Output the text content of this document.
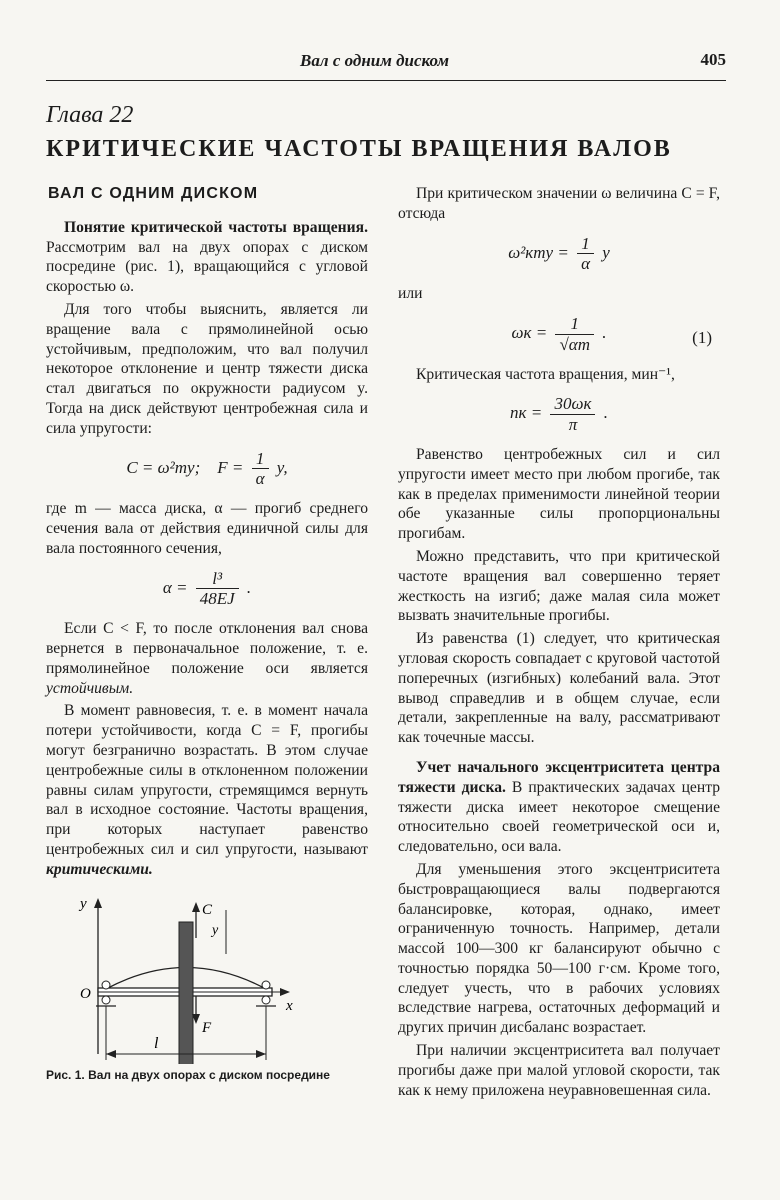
Вал с одним диском	405
Глава 22
КРИТИЧЕСКИЕ ЧАСТОТЫ ВРАЩЕНИЯ ВАЛОВ
ВАЛ С ОДНИМ ДИСКОМ

Понятие критической частоты вращения. Рассмотрим вал на двух опорах с диском посредине (рис. 1), вращающийся с угловой скоростью ω.

Для того чтобы выяснить, является ли вращение вала с прямолинейной осью устойчивым, предположим, что вал получил некоторое отклонение и центр тяжести диска стал двигаться по окружности радиусом y. Тогда на диск действуют центробежная сила и сила упругости:

C = ω²my; $F = \frac{1}{\alpha} y$,

где m — масса диска, α — прогиб среднего сечения вала от действия единичной силы для вала постоянного сечения,

$\alpha = \frac{\text{l³}}{48EJ}$ .

Если C < F, то после отклонения вал снова вернется в первоначальное положение, т. е. прямолинейное положение оси является устойчивым.

В момент равновесия, т. е. в момент начала потери устойчивости, когда C = F, прогибы могут безгранично возрастать. В этом случае центробежные силы в отклоненном положении равны силам упругости, стремящимся вернуть вал в исходное состояние. Частоты вращения, при которых наступает равенство центробежных сил и сил упругости, называют критическими.

y
x
O
C
F
y
l
Рис. 1. Вал на двух опорах с диском посредине

При критическом значении ω величина C = F, отсюда

$\omega^2кmy = \frac{1}{\alpha}$ y

или

$\omega к = \frac{1}{√\alpha m}$ .	(1)

Критическая частота вращения, мин⁻¹,

nк = $\frac{30\omega к}{\pi}$ .

Равенство центробежных сил и сил упругости имеет место при любом прогибе, так как в пределах применимости линейной теории обе указанные силы пропорциональны прогибам.

Можно представить, что при критической частоте вращения вал совершенно теряет жесткость на изгиб; даже малая сила может вызвать значительные прогибы.

Из равенства (1) следует, что критическая угловая скорость совпадает с круговой частотой поперечных (изгибных) колебаний вала. Этот вывод справедлив и в общем случае, если детали, закрепленные на валу, рассматривают как точечные массы.

Учет начального эксцентриситета центра тяжести диска. В практических задачах центр тяжести диска имеет некоторое смещение относительно своей геометрической оси и, следовательно, оси вала.

Для уменьшения этого эксцентриситета быстровращающиеся валы подвергаются балансировке, которая, однако, имеет ограниченную точность. Например, детали массой 100—300 кг балансируют обычно с точностью порядка 50—100 г·см. Кроме того, следует учесть, что в рабочих условиях вследствие нагрева, остаточных деформаций и других причин дисбаланс возрастает.

При наличии эксцентриситета вал получает прогибы даже при малой угловой скорости, так как к нему приложена неуравновешенная сила.
